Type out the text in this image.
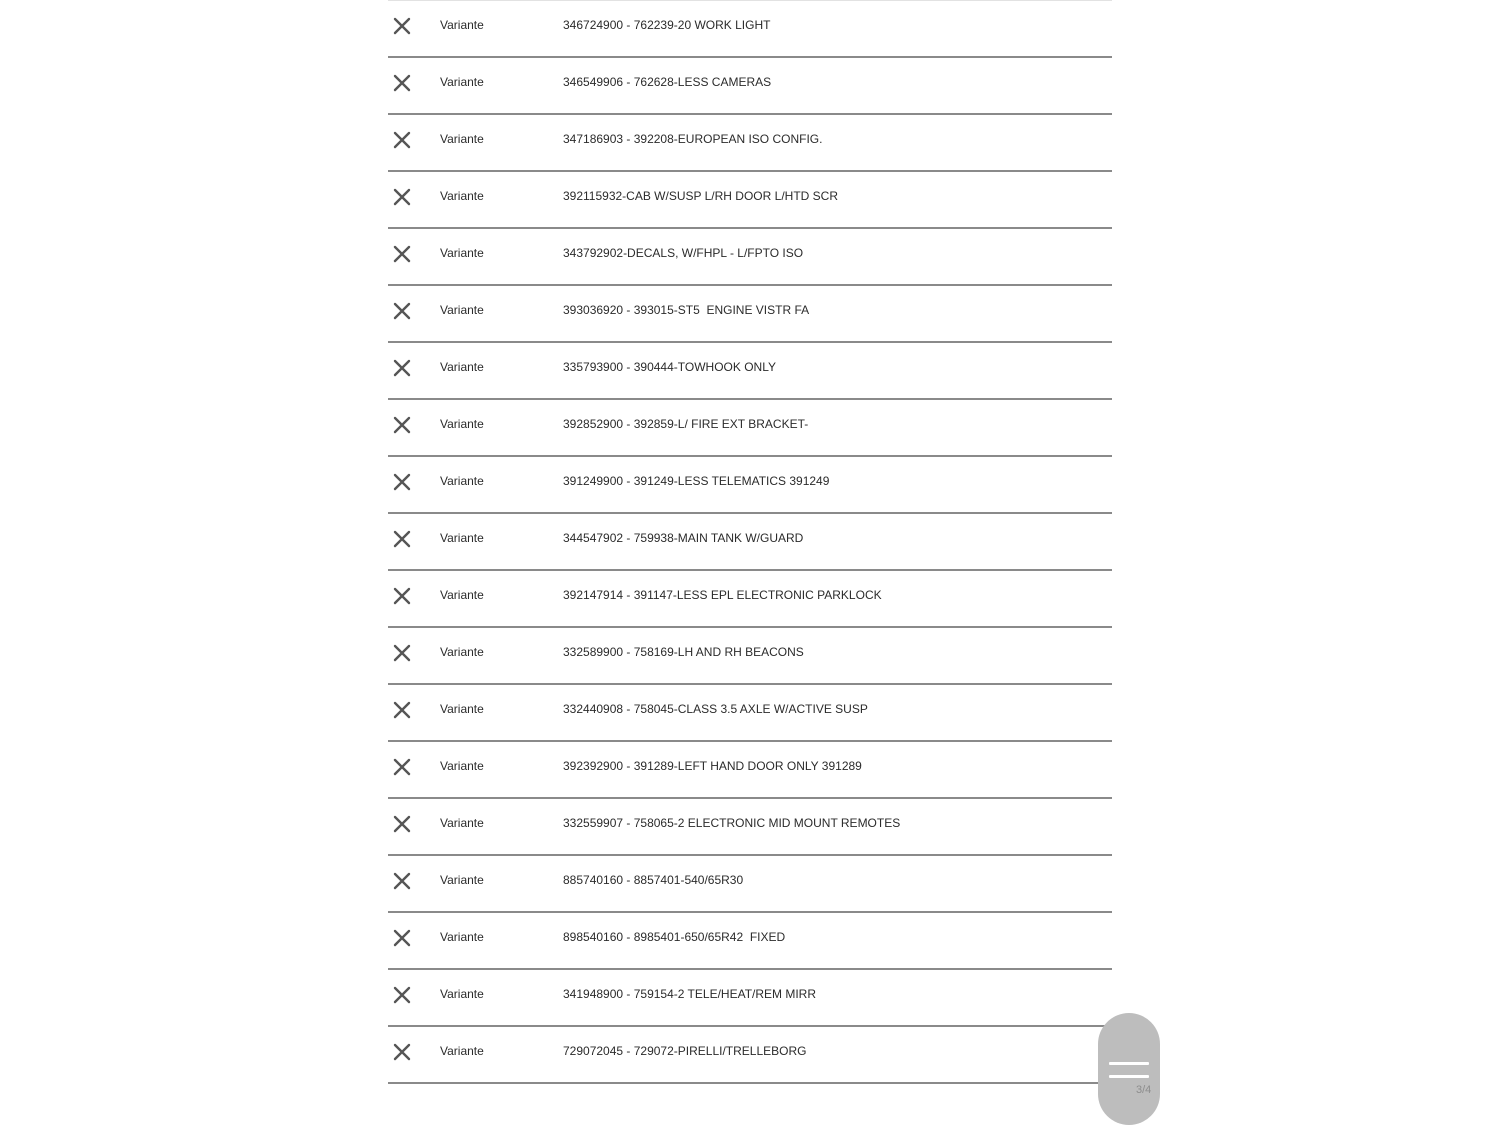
Variante	346724900 - 762239-20 WORK LIGHT
Variante	346549906 - 762628-LESS CAMERAS
Variante	347186903 - 392208-EUROPEAN ISO CONFIG.
Variante	392115932-CAB W/SUSP L/RH DOOR L/HTD SCR
Variante	343792902-DECALS, W/FHPL - L/FPTO ISO
Variante	393036920 - 393015-ST5  ENGINE VISTR FA
Variante	335793900 - 390444-TOWHOOK ONLY
Variante	392852900 - 392859-L/ FIRE EXT BRACKET-
Variante	391249900 - 391249-LESS TELEMATICS 391249
Variante	344547902 - 759938-MAIN TANK W/GUARD
Variante	392147914 - 391147-LESS EPL ELECTRONIC PARKLOCK
Variante	332589900 - 758169-LH AND RH BEACONS
Variante	332440908 - 758045-CLASS 3.5 AXLE W/ACTIVE SUSP
Variante	392392900 - 391289-LEFT HAND DOOR ONLY 391289
Variante	332559907 - 758065-2 ELECTRONIC MID MOUNT REMOTES
Variante	885740160 - 8857401-540/65R30
Variante	898540160 - 8985401-650/65R42  FIXED
Variante	341948900 - 759154-2 TELE/HEAT/REM MIRR
Variante	729072045 - 729072-PIRELLI/TRELLEBORG
3/4
